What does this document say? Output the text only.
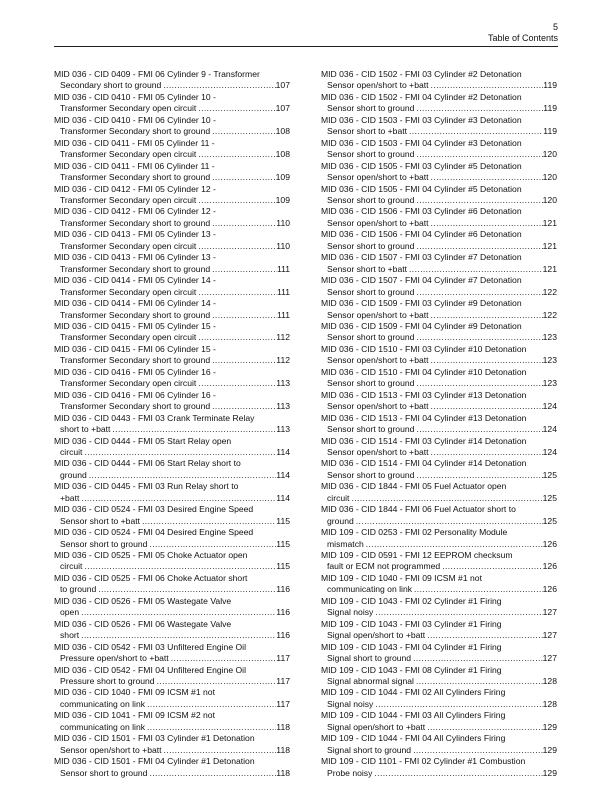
5
Table of Contents
MID 036 - CID 0409 - FMI 06 Cylinder 9 - Transformer
Secondary short to ground . . .	107
MID 036 - CID 0410 - FMI 05 Cylinder 10 -
Transformer Secondary open circuit . . .	107
MID 036 - CID 0410 - FMI 06 Cylinder 10 -
Transformer Secondary short to ground . . .	108
MID 036 - CID 0411 - FMI 05 Cylinder 11 -
Transformer Secondary open circuit . . .	108
MID 036 - CID 0411 - FMI 06 Cylinder 11 -
Transformer Secondary short to ground . . .	109
MID 036 - CID 0412 - FMI 05 Cylinder 12 -
Transformer Secondary open circuit . . .	109
MID 036 - CID 0412 - FMI 06 Cylinder 12 -
Transformer Secondary short to ground . . .	110
MID 036 - CID 0413 - FMI 05 Cylinder 13 -
Transformer Secondary open circuit . . .	110
MID 036 - CID 0413 - FMI 06 Cylinder 13 -
Transformer Secondary short to ground . . .	111
MID 036 - CID 0414 - FMI 05 Cylinder 14 -
Transformer Secondary open circuit . . .	111
MID 036 - CID 0414 - FMI 06 Cylinder 14 -
Transformer Secondary short to ground . . .	111
MID 036 - CID 0415 - FMI 05 Cylinder 15 -
Transformer Secondary open circuit . . .	112
MID 036 - CID 0415 - FMI 06 Cylinder 15 -
Transformer Secondary short to ground . . .	112
MID 036 - CID 0416 - FMI 05 Cylinder 16 -
Transformer Secondary open circuit . . .	113
MID 036 - CID 0416 - FMI 06 Cylinder 16 -
Transformer Secondary short to ground . . .	113
MID 036 - CID 0443 - FMI 03 Crank Terminate Relay
short to +batt . . .	113
MID 036 - CID 0444 - FMI 05 Start Relay open
circuit . . .	114
MID 036 - CID 0444 - FMI 06 Start Relay short to
ground . . .	114
MID 036 - CID 0445 - FMI 03 Run Relay short to
+batt . . .	114
MID 036 - CID 0524 - FMI 03 Desired Engine Speed
Sensor short to +batt . . .	115
MID 036 - CID 0524 - FMI 04 Desired Engine Speed
Sensor short to ground . . .	115
MID 036 - CID 0525 - FMI 05 Choke Actuator open
circuit . . .	115
MID 036 - CID 0525 - FMI 06 Choke Actuator short
to ground . . .	116
MID 036 - CID 0526 - FMI 05 Wastegate Valve
open . . .	116
MID 036 - CID 0526 - FMI 06 Wastegate Valve
short . . .	116
MID 036 - CID 0542 - FMI 03 Unfiltered Engine Oil
Pressure open/short to +batt . . .	117
MID 036 - CID 0542 - FMI 04 Unfiltered Engine Oil
Pressure short to ground . . .	117
MID 036 - CID 1040 - FMI 09 ICSM #1 not
communicating on link . . .	117
MID 036 - CID 1041 - FMI 09 ICSM #2 not
communicating on link . . .	118
MID 036 - CID 1501 - FMI 03 Cylinder #1 Detonation
Sensor open/short to +batt . . .	118
MID 036 - CID 1501 - FMI 04 Cylinder #1 Detonation
Sensor short to ground . . .	118
MID 036 - CID 1502 - FMI 03 Cylinder #2 Detonation
Sensor open/short to +batt . . .	119
MID 036 - CID 1502 - FMI 04 Cylinder #2 Detonation
Sensor short to ground . . .	119
MID 036 - CID 1503 - FMI 03 Cylinder #3 Detonation
Sensor short to +batt . . .	119
MID 036 - CID 1503 - FMI 04 Cylinder #3 Detonation
Sensor short to ground . . .	120
MID 036 - CID 1505 - FMI 03 Cylinder #5 Detonation
Sensor open/short to +batt . . .	120
MID 036 - CID 1505 - FMI 04 Cylinder #5 Detonation
Sensor short to ground . . .	120
MID 036 - CID 1506 - FMI 03 Cylinder #6 Detonation
Sensor open/short to +batt . . .	121
MID 036 - CID 1506 - FMI 04 Cylinder #6 Detonation
Sensor short to ground . . .	121
MID 036 - CID 1507 - FMI 03 Cylinder #7 Detonation
Sensor short to +batt . . .	121
MID 036 - CID 1507 - FMI 04 Cylinder #7 Detonation
Sensor short to ground . . .	122
MID 036 - CID 1509 - FMI 03 Cylinder #9 Detonation
Sensor open/short to +batt . . .	122
MID 036 - CID 1509 - FMI 04 Cylinder #9 Detonation
Sensor short to ground . . .	123
MID 036 - CID 1510 - FMI 03 Cylinder #10 Detonation
Sensor open/short to +batt . . .	123
MID 036 - CID 1510 - FMI 04 Cylinder #10 Detonation
Sensor short to ground . . .	123
MID 036 - CID 1513 - FMI 03 Cylinder #13 Detonation
Sensor open/short to +batt . . .	124
MID 036 - CID 1513 - FMI 04 Cylinder #13 Detonation
Sensor short to ground . . .	124
MID 036 - CID 1514 - FMI 03 Cylinder #14 Detonation
Sensor open/short to +batt . . .	124
MID 036 - CID 1514 - FMI 04 Cylinder #14 Detonation
Sensor short to ground . . .	125
MID 036 - CID 1844 - FMI 05 Fuel Actuator open
circuit . . .	125
MID 036 - CID 1844 - FMI 06 Fuel Actuator short to
ground . . .	125
MID 109 - CID 0253 - FMI 02 Personality Module
mismatch . . .	126
MID 109 - CID 0591 - FMI 12 EEPROM checksum
fault or ECM not programmed . . .	126
MID 109 - CID 1040 - FMI 09 ICSM #1 not
communicating on link . . .	126
MID 109 - CID 1043 - FMI 02 Cylinder #1 Firing
Signal noisy . . .	127
MID 109 - CID 1043 - FMI 03 Cylinder #1 Firing
Signal open/short to +batt . . .	127
MID 109 - CID 1043 - FMI 04 Cylinder #1 Firing
Signal short to ground . . .	127
MID 109 - CID 1043 - FMI 08 Cylinder #1 Firing
Signal abnormal signal . . .	128
MID 109 - CID 1044 - FMI 02 All Cylinders Firing
Signal noisy . . .	128
MID 109 - CID 1044 - FMI 03 All Cylinders Firing
Signal open/short to +batt . . .	129
MID 109 - CID 1044 - FMI 04 All Cylinders Firing
Signal short to ground . . .	129
MID 109 - CID 1101 - FMI 02 Cylinder #1 Combustion
Probe noisy . . .	129
